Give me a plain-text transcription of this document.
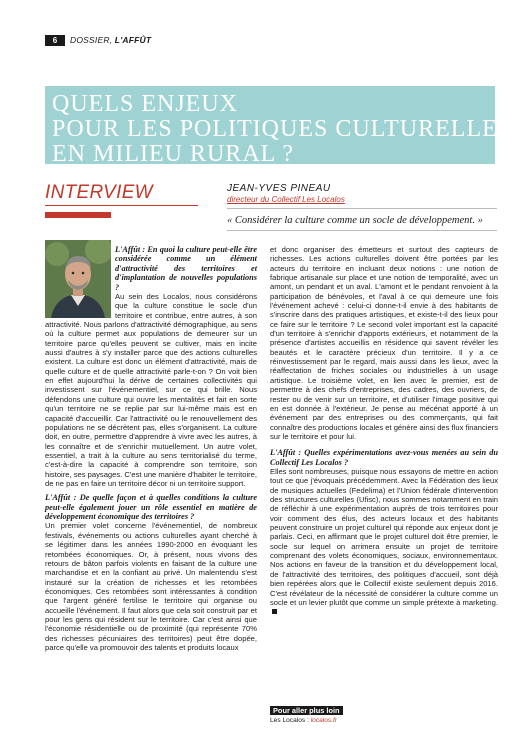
6	DOSSIER, L'AFFÛT
QUELS ENJEUX
POUR LES POLITIQUES CULTURELLES
EN MILIEU RURAL ?
INTERVIEW	JEAN-YVES PINEAU
directeur du Collectif Les Localos
« Considérer la culture comme un socle de développement. »

L'Affût : En quoi la culture peut-elle être considérée comme un élément d'attractivité des territoires et d'implantation de nouvelles populations ?

Au sein des Localos, nous considérons que la culture constitue le socle d'un territoire et contribue, entre autres, à son attractivité. Nous parlons d'attractivité démographique, au sens où la culture permet aux populations de demeurer sur un territoire parce qu'elles peuvent se cultiver, mais en incite aussi d'autres à s'y installer parce que des actions culturelles existent. La culture est donc un élément d'attractivité, mais de quelle culture et de quelle attractivité parle-t-on ? On voit bien en effet aujourd'hui la dérive de certaines collectivités qui investissent sur l'événementiel, sur ce qui brille. Nous défendons une culture qui ouvre les mentalités et fait en sorte qu'un territoire ne se replie par sur lui-même mais est en capacité d'accueillir. Car l'attractivité ou le renouvellement des populations ne se décrètent pas, elles s'organisent. La culture doit, en outre, permettre d'apprendre à vivre avec les autres, à les connaître et de s'enrichir mutuellement. Un autre volet, essentiel, a trait à la culture au sens territorialisé du terme, c'est-à-dire la capacité à comprendre son territoire, son histoire, ses paysages. C'est une manière d'habiter le territoire, de ne pas en faire un territoire décor ni un territoire support.

L'Affût : De quelle façon et à quelles conditions la culture peut-elle également jouer un rôle essentiel en matière de développement économique des territoires ?

Un premier volet concerne l'événementiel, de nombreux festivals, événements ou actions culturelles ayant cherché à se légitimer dans les années 1990-2000 en évoquant les retombées économiques. Or, à présent, nous vivons des retours de bâton parfois violents en faisant de la culture une marchandise et en la confiant au privé. Un malentendu s'est instauré sur la création de richesses et les retombées économiques. Ces retombées sont intéressantes à condition que l'argent généré fertilise le territoire qui organise ou accueille l'événement. Il faut alors que cela soit construit par et pour les gens qui résident sur le territoire. Car c'est ainsi que l'économie résidentielle ou de proximité (qui représente 70% des richesses pécuniaires des territoires) peut être dopée, parce qu'elle va promouvoir des talents et produits locaux

et donc organiser des émetteurs et surtout des capteurs de richesses. Les actions culturelles doivent être portées par les acteurs du territoire en incluant deux notions : une notion de fabrique artisanale sur place et une notion de temporalité, avec un amont, un pendant et un aval. L'amont et le pendant renvoient à la participation de bénévoles, et l'aval à ce qui demeure une fois l'événement achevé : celui-ci donne-t-il envie à des habitants de s'inscrire dans des pratiques artistiques, et existe-t-il des lieux pour ce faire sur le territoire ? Le second volet important est la capacité d'un territoire à s'enrichir d'apports extérieurs, et notamment de la présence d'artistes accueillis en résidence qui savent révéler les beautés et le caractère précieux d'un territoire. Il y a ce réinvestissement par le regard, mais aussi dans les lieux, avec la réaffectation de friches sociales ou industrielles à un usage artistique. Le troisième volet, en lien avec le premier, est de permettre à des chefs d'entreprises, des cadres, des ouvriers, de rester ou de venir sur un territoire, et d'utiliser l'image positive qui en est donnée à l'extérieur. Je pense au mécénat apporté à un événement par des entreprises ou des commerçants, qui fait connaître des productions locales et génère ainsi des flux financiers sur le territoire et pour lui.

L'Affût : Quelles expérimentations avez-vous menées au sein du Collectif Les Localos ?

Elles sont nombreuses, puisque nous essayons de mettre en action tout ce que j'évoquais précédemment. Avec la Fédération des lieux de musiques actuelles (Fedelima) et l'Union fédérale d'intervention des structures culturelles (Ufisc), nous sommes notamment en train de réfléchir à une expérimentation auprès de trois territoires pour voir comment des élus, des acteurs locaux et des habitants peuvent construire un projet culturel qui réponde aux enjeux dont je parlais. Ceci, en affirmant que le projet culturel doit être premier, le socle sur lequel on arrimera ensuite un projet de territoire comprenant des volets économiques, sociaux, environnementaux. Nos actions en faveur de la transition et du développement local, de l'attractivité des territoires, des politiques d'accueil, sont déjà bien repérées alors que le Collectif existe seulement depuis 2016. C'est révélateur de la nécessité de considérer la culture comme un socle et un levier plutôt que comme un simple prétexte à marketing.

Pour aller plus loin
Les Localos : localos.fr
